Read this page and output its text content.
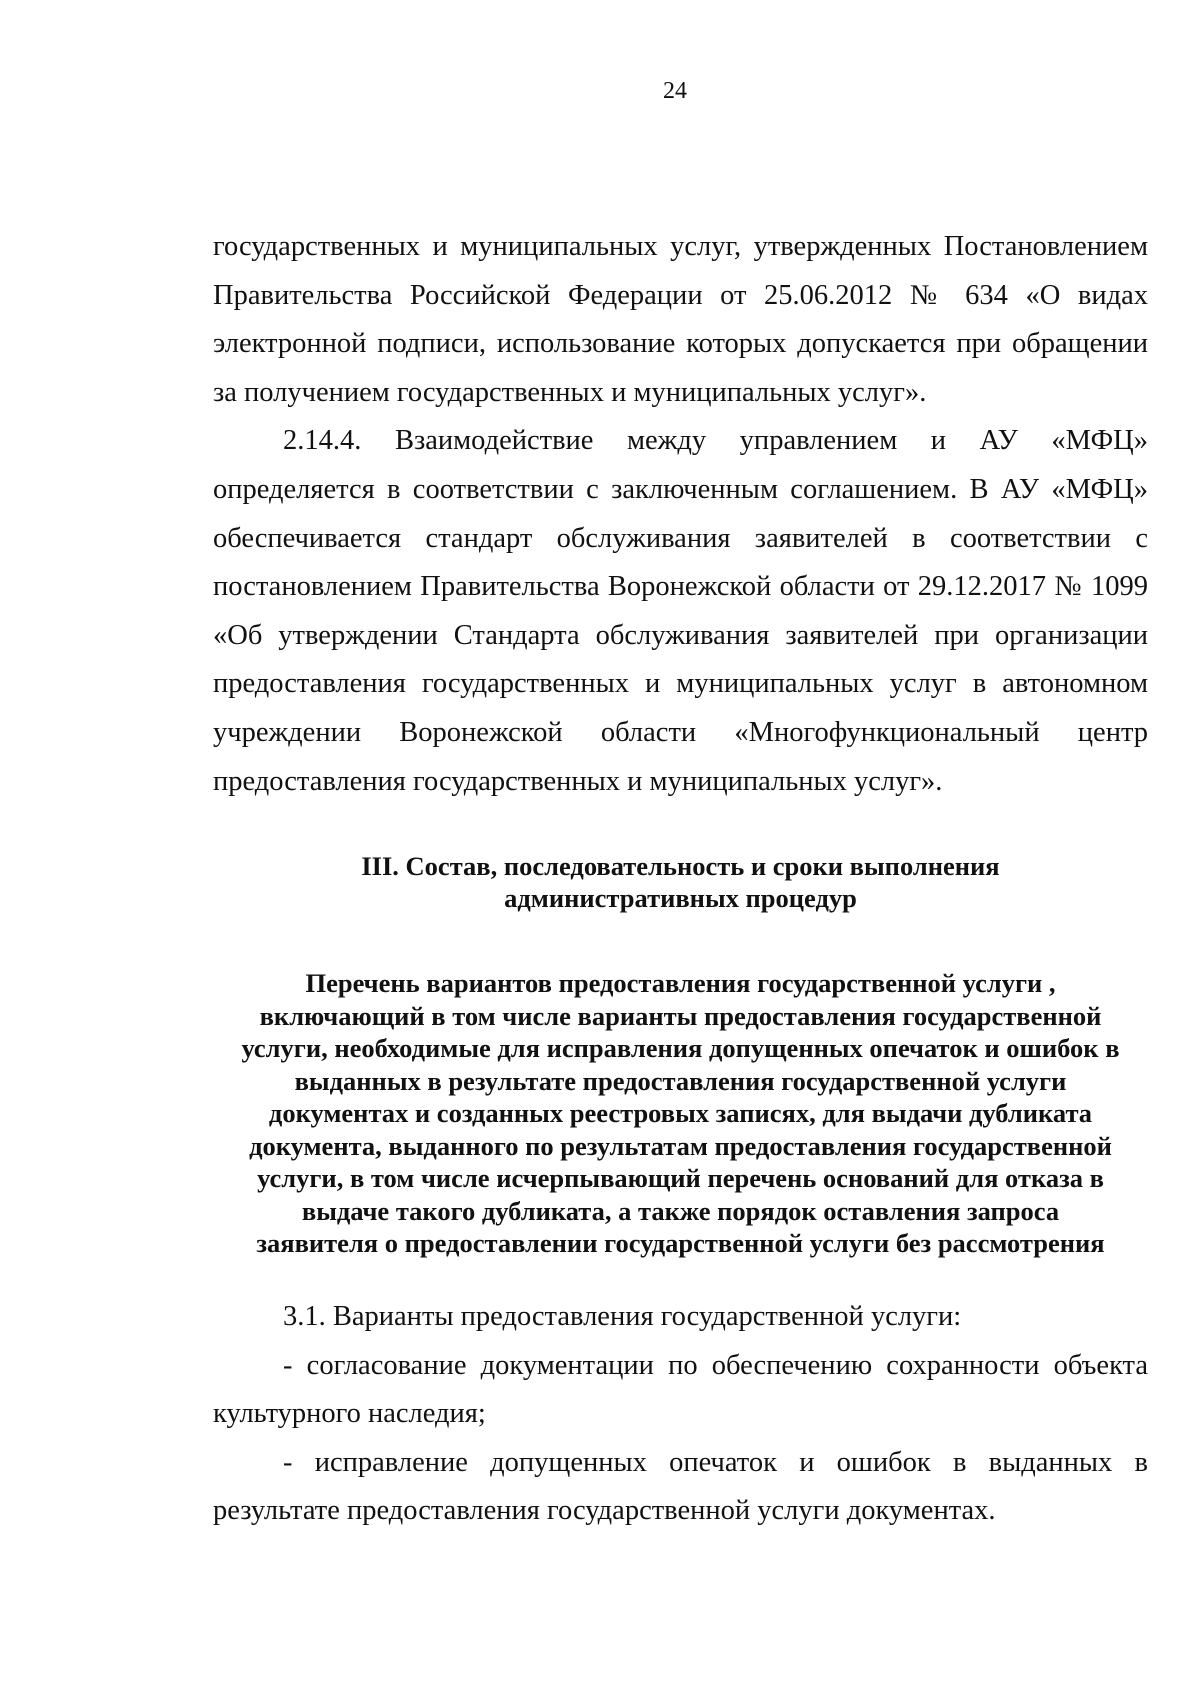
24

государственных и муниципальных услуг, утвержденных Постановлением Правительства Российской Федерации от 25.06.2012 № 634 «О видах электронной подписи, использование которых допускается при обращении за получением государственных и муниципальных услуг».

2.14.4. Взаимодействие между управлением и АУ «МФЦ» определяется в соответствии с заключенным соглашением. В АУ «МФЦ» обеспечивается стандарт обслуживания заявителей в соответствии с постановлением Правительства Воронежской области от 29.12.2017 № 1099 «Об утверждении Стандарта обслуживания заявителей при организации предоставления государственных и муниципальных услуг в автономном учреждении Воронежской области «Многофункциональный центр предоставления государственных и муниципальных услуг».

III. Состав, последовательность и сроки выполнения
административных процедур
Перечень вариантов предоставления государственной услуги ,
включающий в том числе варианты предоставления государственной
услуги, необходимые для исправления допущенных опечаток и ошибок в
выданных в результате предоставления государственной услуги
документах и созданных реестровых записях, для выдачи дубликата
документа, выданного по результатам предоставления государственной
услуги, в том числе исчерпывающий перечень оснований для отказа в
выдаче такого дубликата, а также порядок оставления запроса
заявителя о предоставлении государственной услуги без рассмотрения

3.1. Варианты предоставления государственной услуги:

- согласование документации по обеспечению сохранности объекта культурного наследия;

- исправление допущенных опечаток и ошибок в выданных в результате предоставления государственной услуги документах.
